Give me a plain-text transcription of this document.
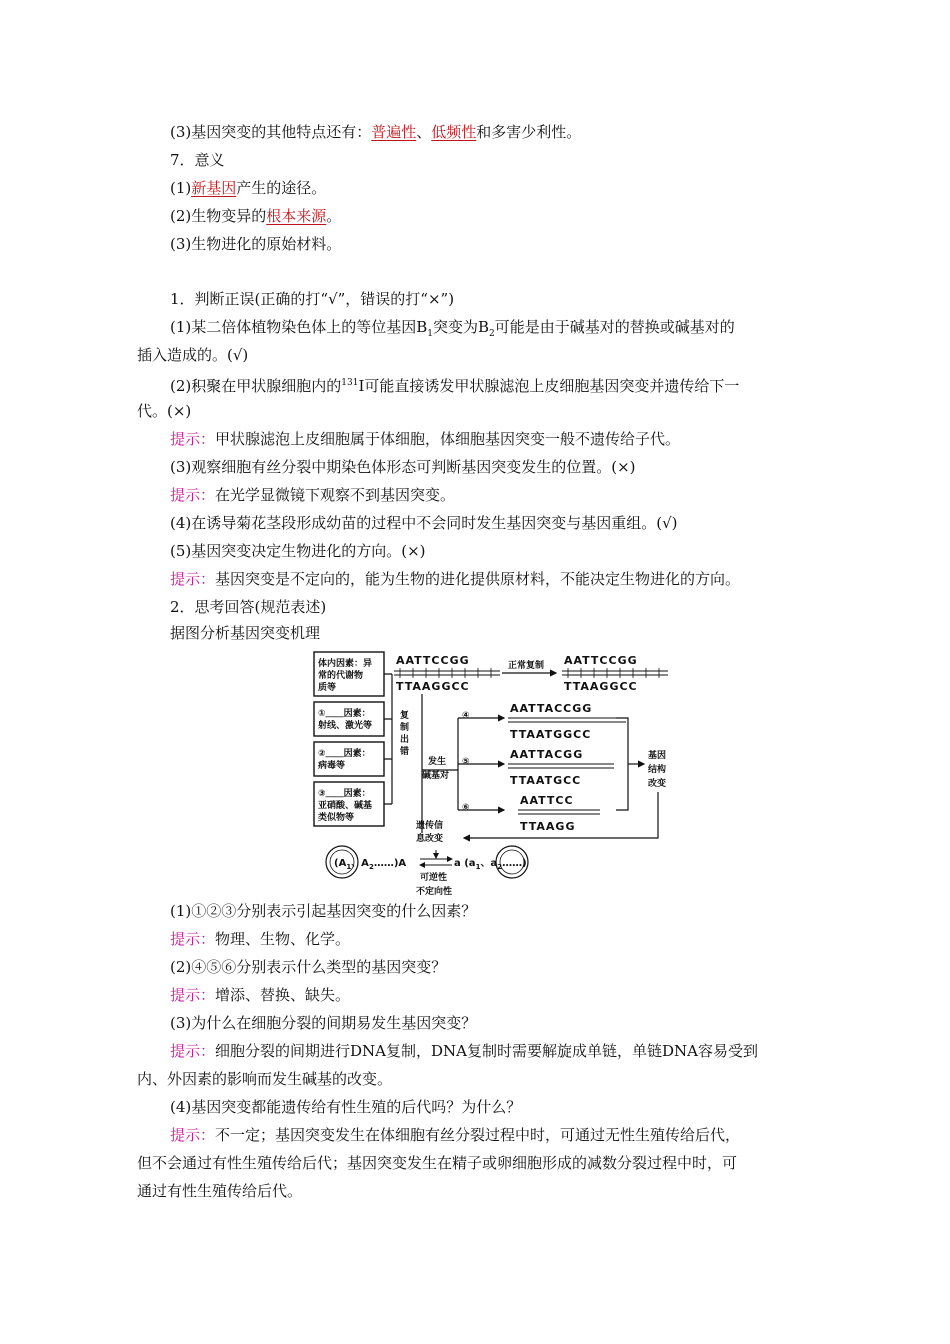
(3)基因突变的其他特点还有：普遍性、低频性和多害少利性。
7．意义
(1)新基因产生的途径。
(2)生物变异的根本来源。
(3)生物进化的原始材料。
1．判断正误(正确的打“√”，错误的打“×”)
(1)某二倍体植物染色体上的等位基因$B_1$突变为$B_2$可能是由于碱基对的替换或碱基对的
插入造成的。(√)
(2)积聚在甲状腺细胞内的$^{131}$I可能直接诱发甲状腺滤泡上皮细胞基因突变并遗传给下一
代。(×)
提示：甲状腺滤泡上皮细胞属于体细胞，体细胞基因突变一般不遗传给子代。
(3)观察细胞有丝分裂中期染色体形态可判断基因突变发生的位置。(×)
提示：在光学显微镜下观察不到基因突变。
(4)在诱导菊花茎段形成幼苗的过程中不会同时发生基因突变与基因重组。(√)
(5)基因突变决定生物进化的方向。(×)
提示：基因突变是不定向的，能为生物的进化提供原材料，不能决定生物进化的方向。
2．思考回答(规范表述)
据图分析基因突变机理
体内因素：异
常的代谢物
质等
①＿＿因素：
射线、激光等
②＿＿因素：
病毒等
③＿＿因素：
亚硝酸、碱基
类似物等
AATTCCGG
TTAAGGCC
正常复制 AATTCCGG
TTAAGGCC
复
制
出
错
发生
碱基对
④
AATTACCGG
TTAATGGCC
⑤
AATTACGG
TTAATGCC
⑥
AATTCC
TTAAGG
基因
结构
改变
遗传信
息改变
($A_1$、$A_2\dots\dots)A$	a ($a_1$、$a_2\dots\dots$)
可逆性
不定向性
(1)①②③分别表示引起基因突变的什么因素？
提示：物理、生物、化学。
(2)④⑤⑥分别表示什么类型的基因突变？
提示：增添、替换、缺失。
(3)为什么在细胞分裂的间期易发生基因突变？
提示：细胞分裂的间期进行DNA复制，DNA复制时需要解旋成单链，单链DNA容易受到
内、外因素的影响而发生碱基的改变。
(4)基因突变都能遗传给有性生殖的后代吗？为什么？
提示：不一定；基因突变发生在体细胞有丝分裂过程中时，可通过无性生殖传给后代，
但不会通过有性生殖传给后代；基因突变发生在精子或卵细胞形成的减数分裂过程中时，可
通过有性生殖传给后代。
